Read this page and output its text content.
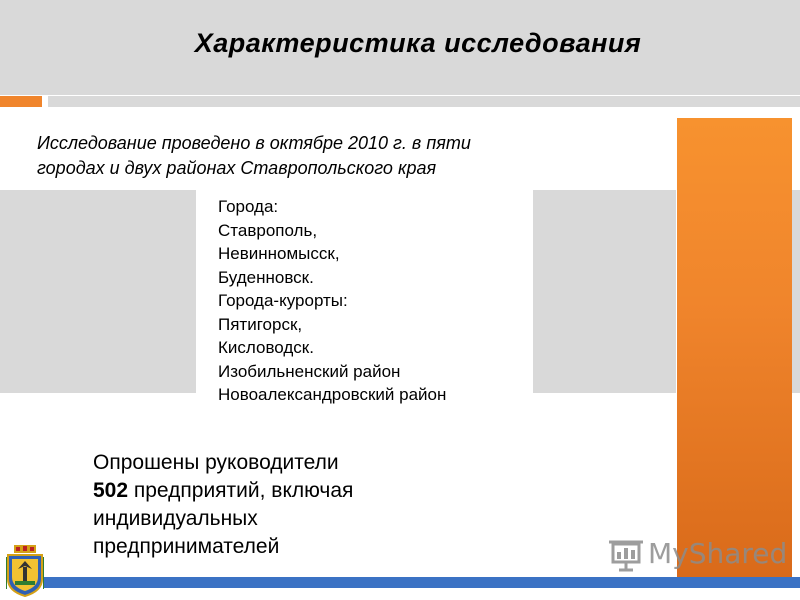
Характеристика исследования
Исследование проведено в октябре 2010 г. в пяти
городах и двух районах Ставропольского края
Города:
Ставрополь,
Невинномысск,
Буденновск.
Города-курорты:
Пятигорск,
Кисловодск.
Изобильненский район
Новоалександровский район
Опрошены руководители
502 предприятий, включая
индивидуальных
предпринимателей	MyShared
